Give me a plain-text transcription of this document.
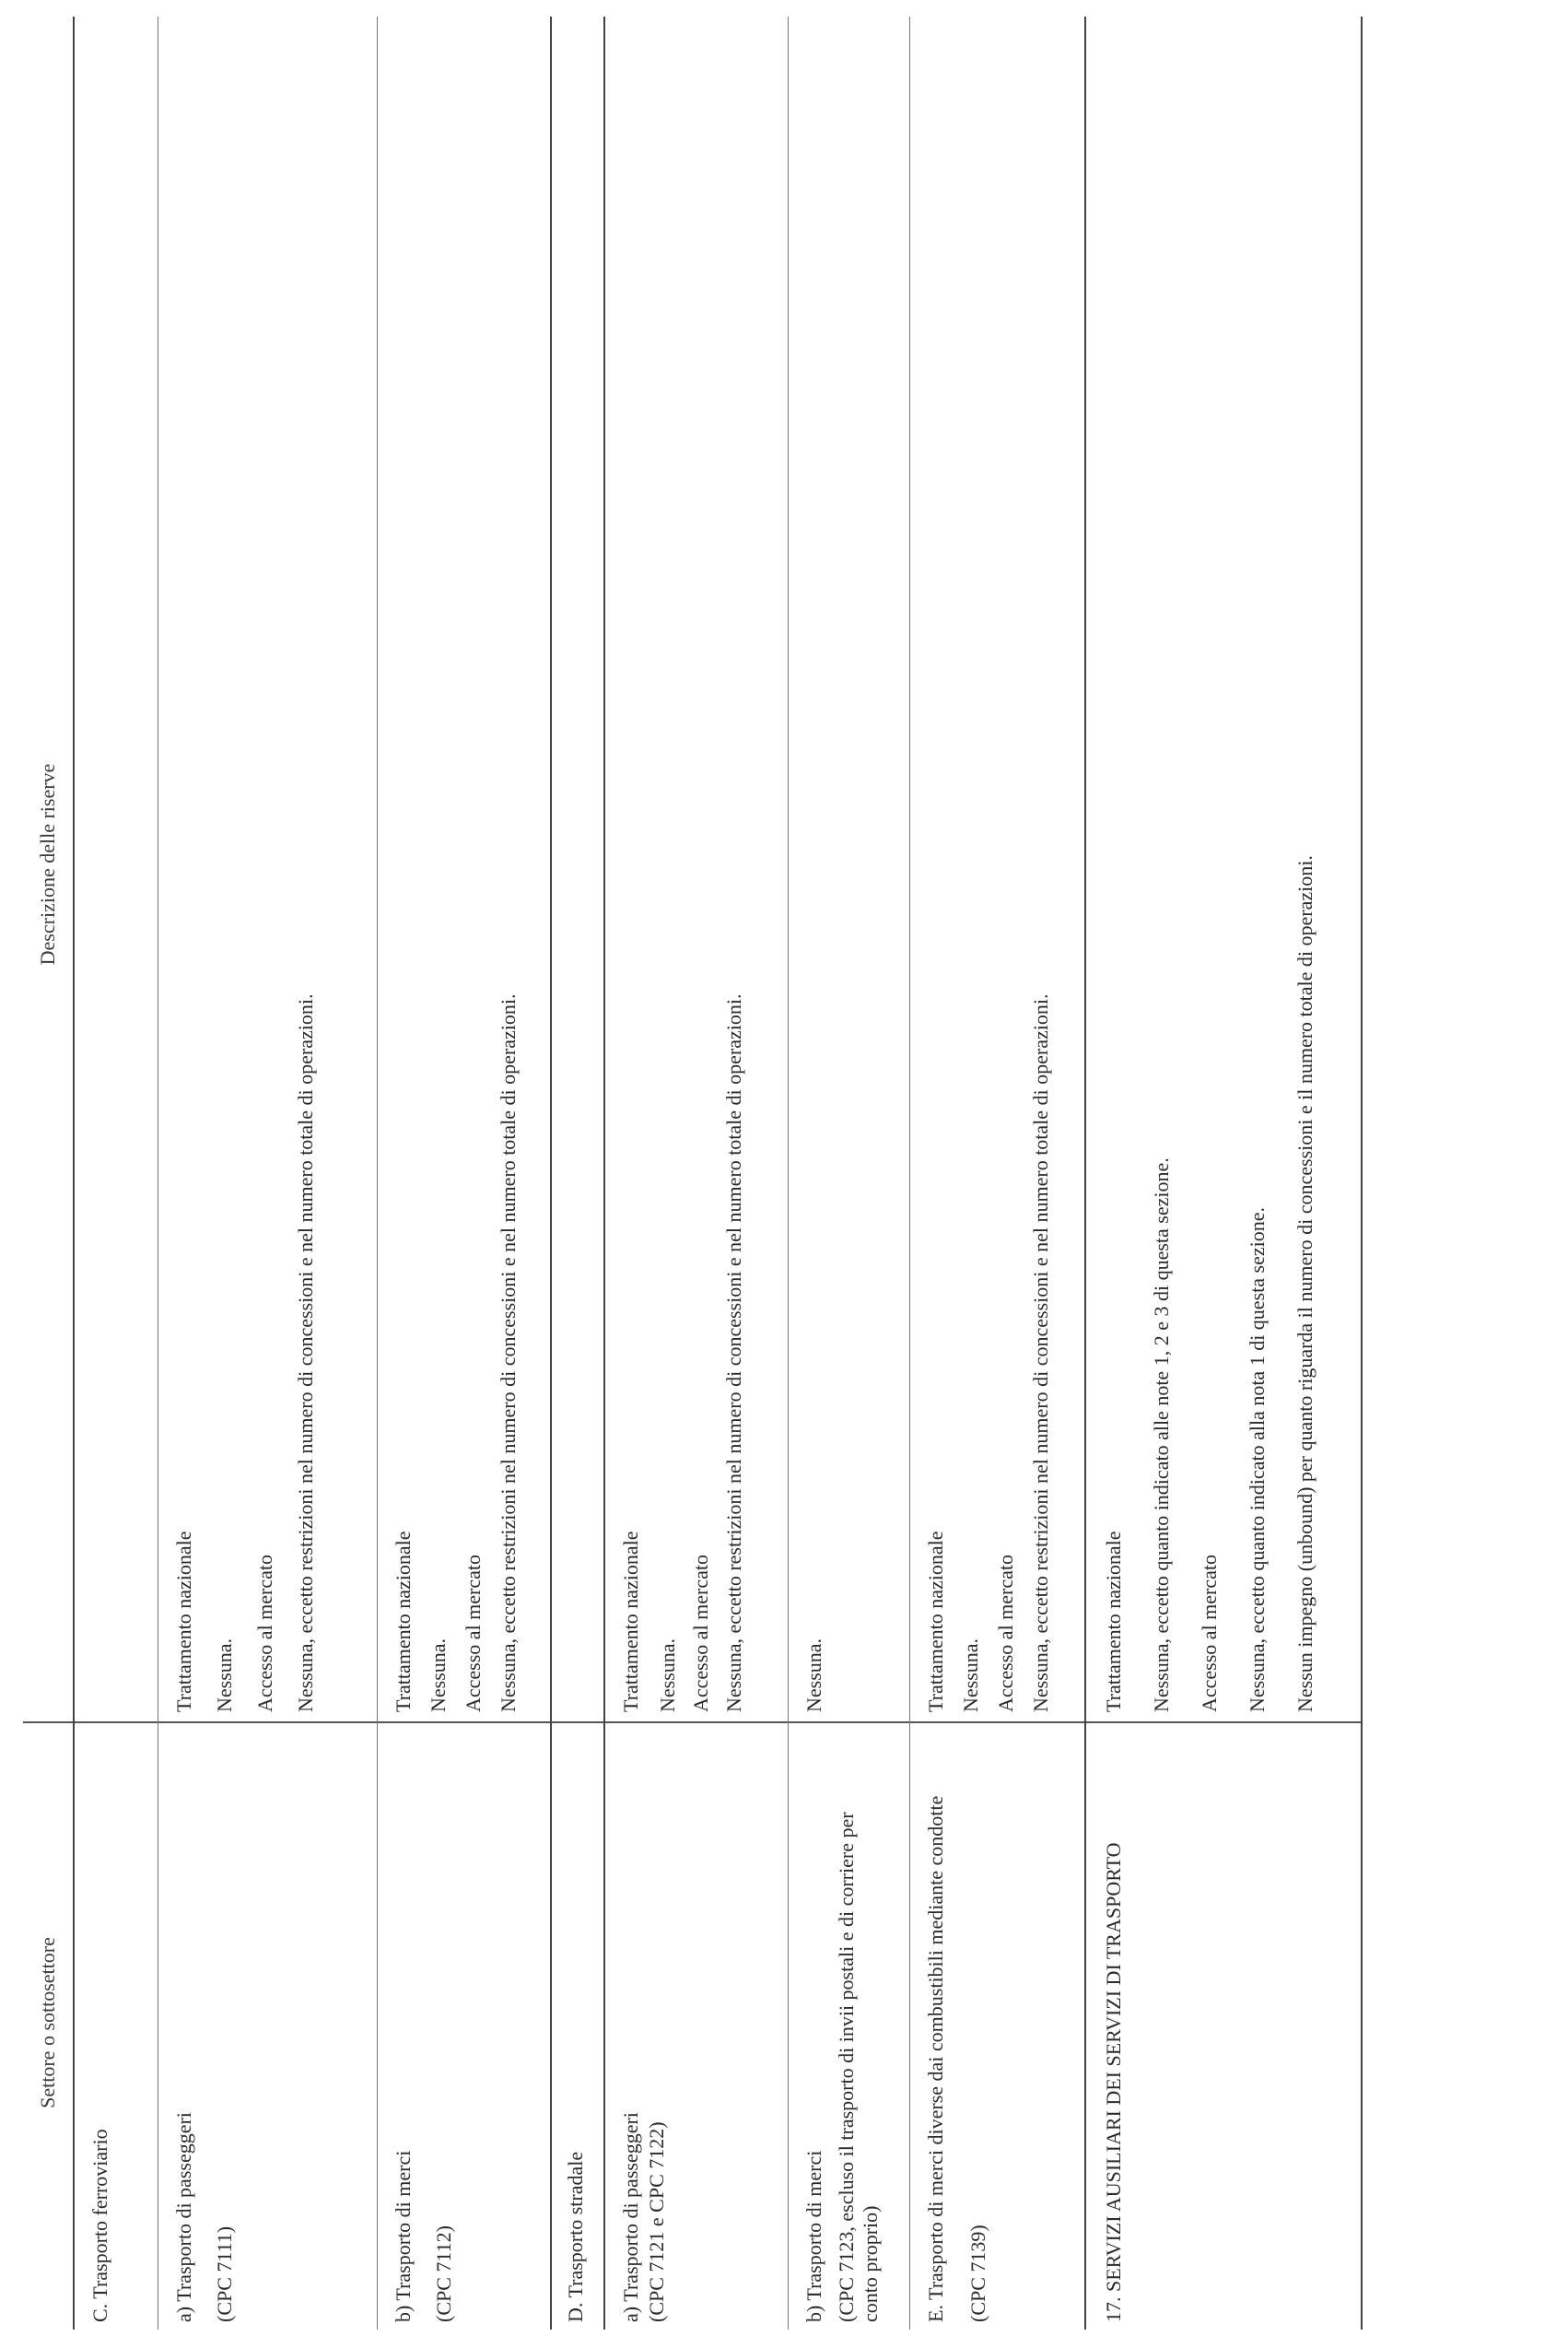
Settore o sottosettore
Descrizione delle riserve
C. Trasporto ferroviario	a) Trasporto di passeggeri (CPC 7111)
Trattamento nazionale Nessuna. Accesso al mercato Nessuna, eccetto restrizioni nel numero di concessioni e nel numero totale di operazioni.
b) Trasporto di merci (CPC 7112)
Trattamento nazionale Nessuna. Accesso al mercato Nessuna, eccetto restrizioni nel numero di concessioni e nel numero totale di operazioni.
D. Trasporto stradale a) Trasporto di passeggeri (CPC 7121 e CPC 7122)
Trattamento nazionale Nessuna. Accesso al mercato Nessuna, eccetto restrizioni nel numero di concessioni e nel numero totale di operazioni.
b) Trasporto di merci (CPC 7123, escluso il trasporto di invii postali e di corriere per conto proprio)
Nessuna.
E. Trasporto di merci diverse dai combustibili mediante condotte (CPC 7139)
Trattamento nazionale Nessuna. Accesso al mercato Nessuna, eccetto restrizioni nel numero di concessioni e nel numero totale di operazioni.
17. SERVIZI AUSILIARI DEI SERVIZI DI TRASPORTO
Trattamento nazionale Nessuna, eccetto quanto indicato alle note 1, 2 e 3 di questa sezione. Accesso al mercato Nessuna, eccetto quanto indicato alla nota 1 di questa sezione. Nessun impegno (unbound) per quanto riguarda il numero di concessioni e il numero totale di operazioni.
